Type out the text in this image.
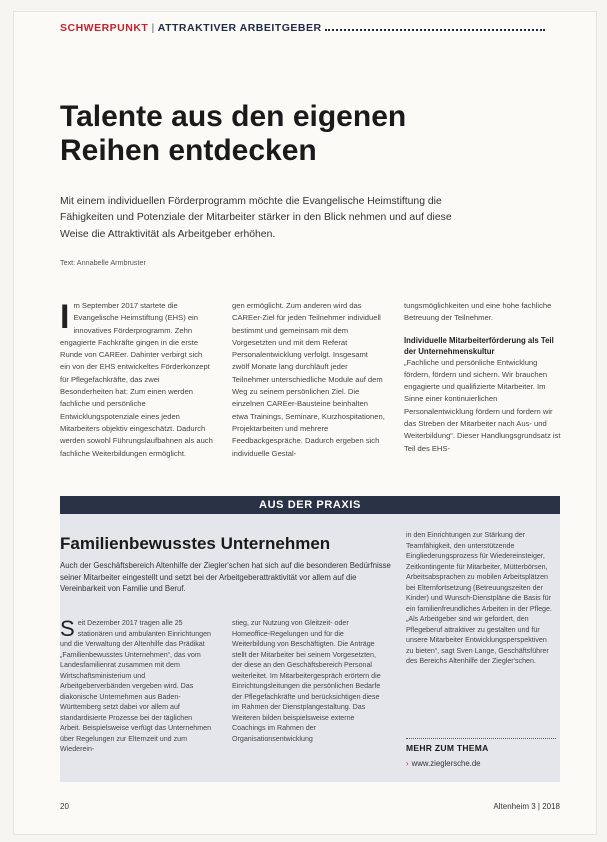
SCHWERPUNKT | ATTRAKTIVER ARBEITGEBER
Talente aus den eigenen Reihen entdecken

Mit einem individuellen Förderprogramm möchte die Evangelische Heimstiftung die Fähigkeiten und Potenziale der Mitarbeiter stärker in den Blick nehmen und auf diese Weise die Attraktivität als Arbeitgeber erhöhen.

Text: Annabelle Armbruster
I m September 2017 startete die Evangelische Heimstiftung (EHS) ein innovatives Förderprogramm. Zehn engagierte Fachkräfte gingen in die erste Runde von CAREer. Dahinter verbirgt sich ein von der EHS entwickeltes Förderkonzept für Pflegefachkräfte, das zwei Besonderheiten hat: Zum einen werden fachliche und persönliche Entwicklungspotenziale eines jeden Mitarbeiters objektiv eingeschätzt. Dadurch werden sowohl Führungslaufbahnen als auch fachliche Weiterbildungen ermöglicht.
gen ermöglicht. Zum anderen wird das CAREer-Ziel für jeden Teilnehmer individuell bestimmt und gemeinsam mit dem Vorgesetzten und mit dem Referat Personalentwicklung verfolgt. Insgesamt zwölf Monate lang durchläuft jeder Teilnehmer unterschiedliche Module auf dem Weg zu seinem persönlichen Ziel. Die einzelnen CAREer-Bausteine beinhalten etwa Trainings, Seminare, Kurzhospitationen, Projektarbeiten und mehrere Feedbackgespräche. Dadurch ergeben sich individuelle Gestal-
tungsmöglichkeiten und eine hohe fachliche Betreuung der Teilnehmer.
Individuelle Mitarbeiterförderung als Teil der Unternehmenskultur
„Fachliche und persönliche Entwicklung fördern, fördern und sichern. Wir brauchen engagierte und qualifizierte Mitarbeiter. Im Sinne einer kontinuierlichen Personalentwicklung fördern und fordern wir das Streben der Mitarbeiter nach Aus- und Weiterbildung“. Dieser Handlungsgrundsatz ist Teil des EHS-
AUS DER PRAXIS
Familienbewusstes Unternehmen

Auch der Geschäftsbereich Altenhilfe der Ziegler'schen hat sich auf die besonderen Bedürfnisse seiner Mitarbeiter eingestellt und setzt bei der Arbeitgeberattraktivität vor allem auf die Vereinbarkeit von Familie und Beruf.

S eit Dezember 2017 tragen alle 25 stationären und ambulanten Einrichtungen und die Verwaltung der Altenhilfe das Prädikat „Familienbewusstes Unternehmen“, das vom Landesfamilienrat zusammen mit dem Wirtschaftsministerium und Arbeitgeberverbänden vergeben wird. Das diakonische Unternehmen aus Baden-Württemberg setzt dabei vor allem auf standardisierte Prozesse bei der täglichen Arbeit. Beispielsweise verfügt das Unternehmen über Regelungen zur Elternzeit und zum Wiederein-
stieg, zur Nutzung von Gleitzeit- oder Homeoffice-Regelungen und für die Weiterbildung von Beschäftigten. Die Anträge stellt der Mitarbeiter bei seinem Vorgesetzten, der diese an den Geschäftsbereich Personal weiterleitet. Im Mitarbeitergespräch erörtern die Einrichtungsleitungen die persönlichen Bedarfe der Pflegefachkräfte und berücksichtigen diese im Rahmen der Dienstplangestaltung. Das Weiteren bilden beispielsweise externe Coachings im Rahmen der Organisationsentwicklung
in den Einrichtungen zur Stärkung der Teamfähigkeit, den unterstützende Eingliederungsprozess für Wiedereinsteiger, Zeitkontingente für Mitarbeiter, Mütterbörsen, Arbeitsabsprachen zu mobilen Arbeitsplätzen bei Elternfortsetzung (Betreuungszeiten der Kinder) und Wunsch-Dienstpläne die Basis für ein familienfreundliches Arbeiten in der Pflege. „Als Arbeitgeber sind wir gefordert, den Pflegeberuf attraktiver zu gestalten und für unsere Mitarbeiter Entwicklungsperspektiven zu bieten“, sagt Sven Lange, Geschäftsführer des Bereichs Altenhilfe der Ziegler'schen.
MEHR ZUM THEMA
› www.zieglersche.de
20	Altenheim 3 | 2018
